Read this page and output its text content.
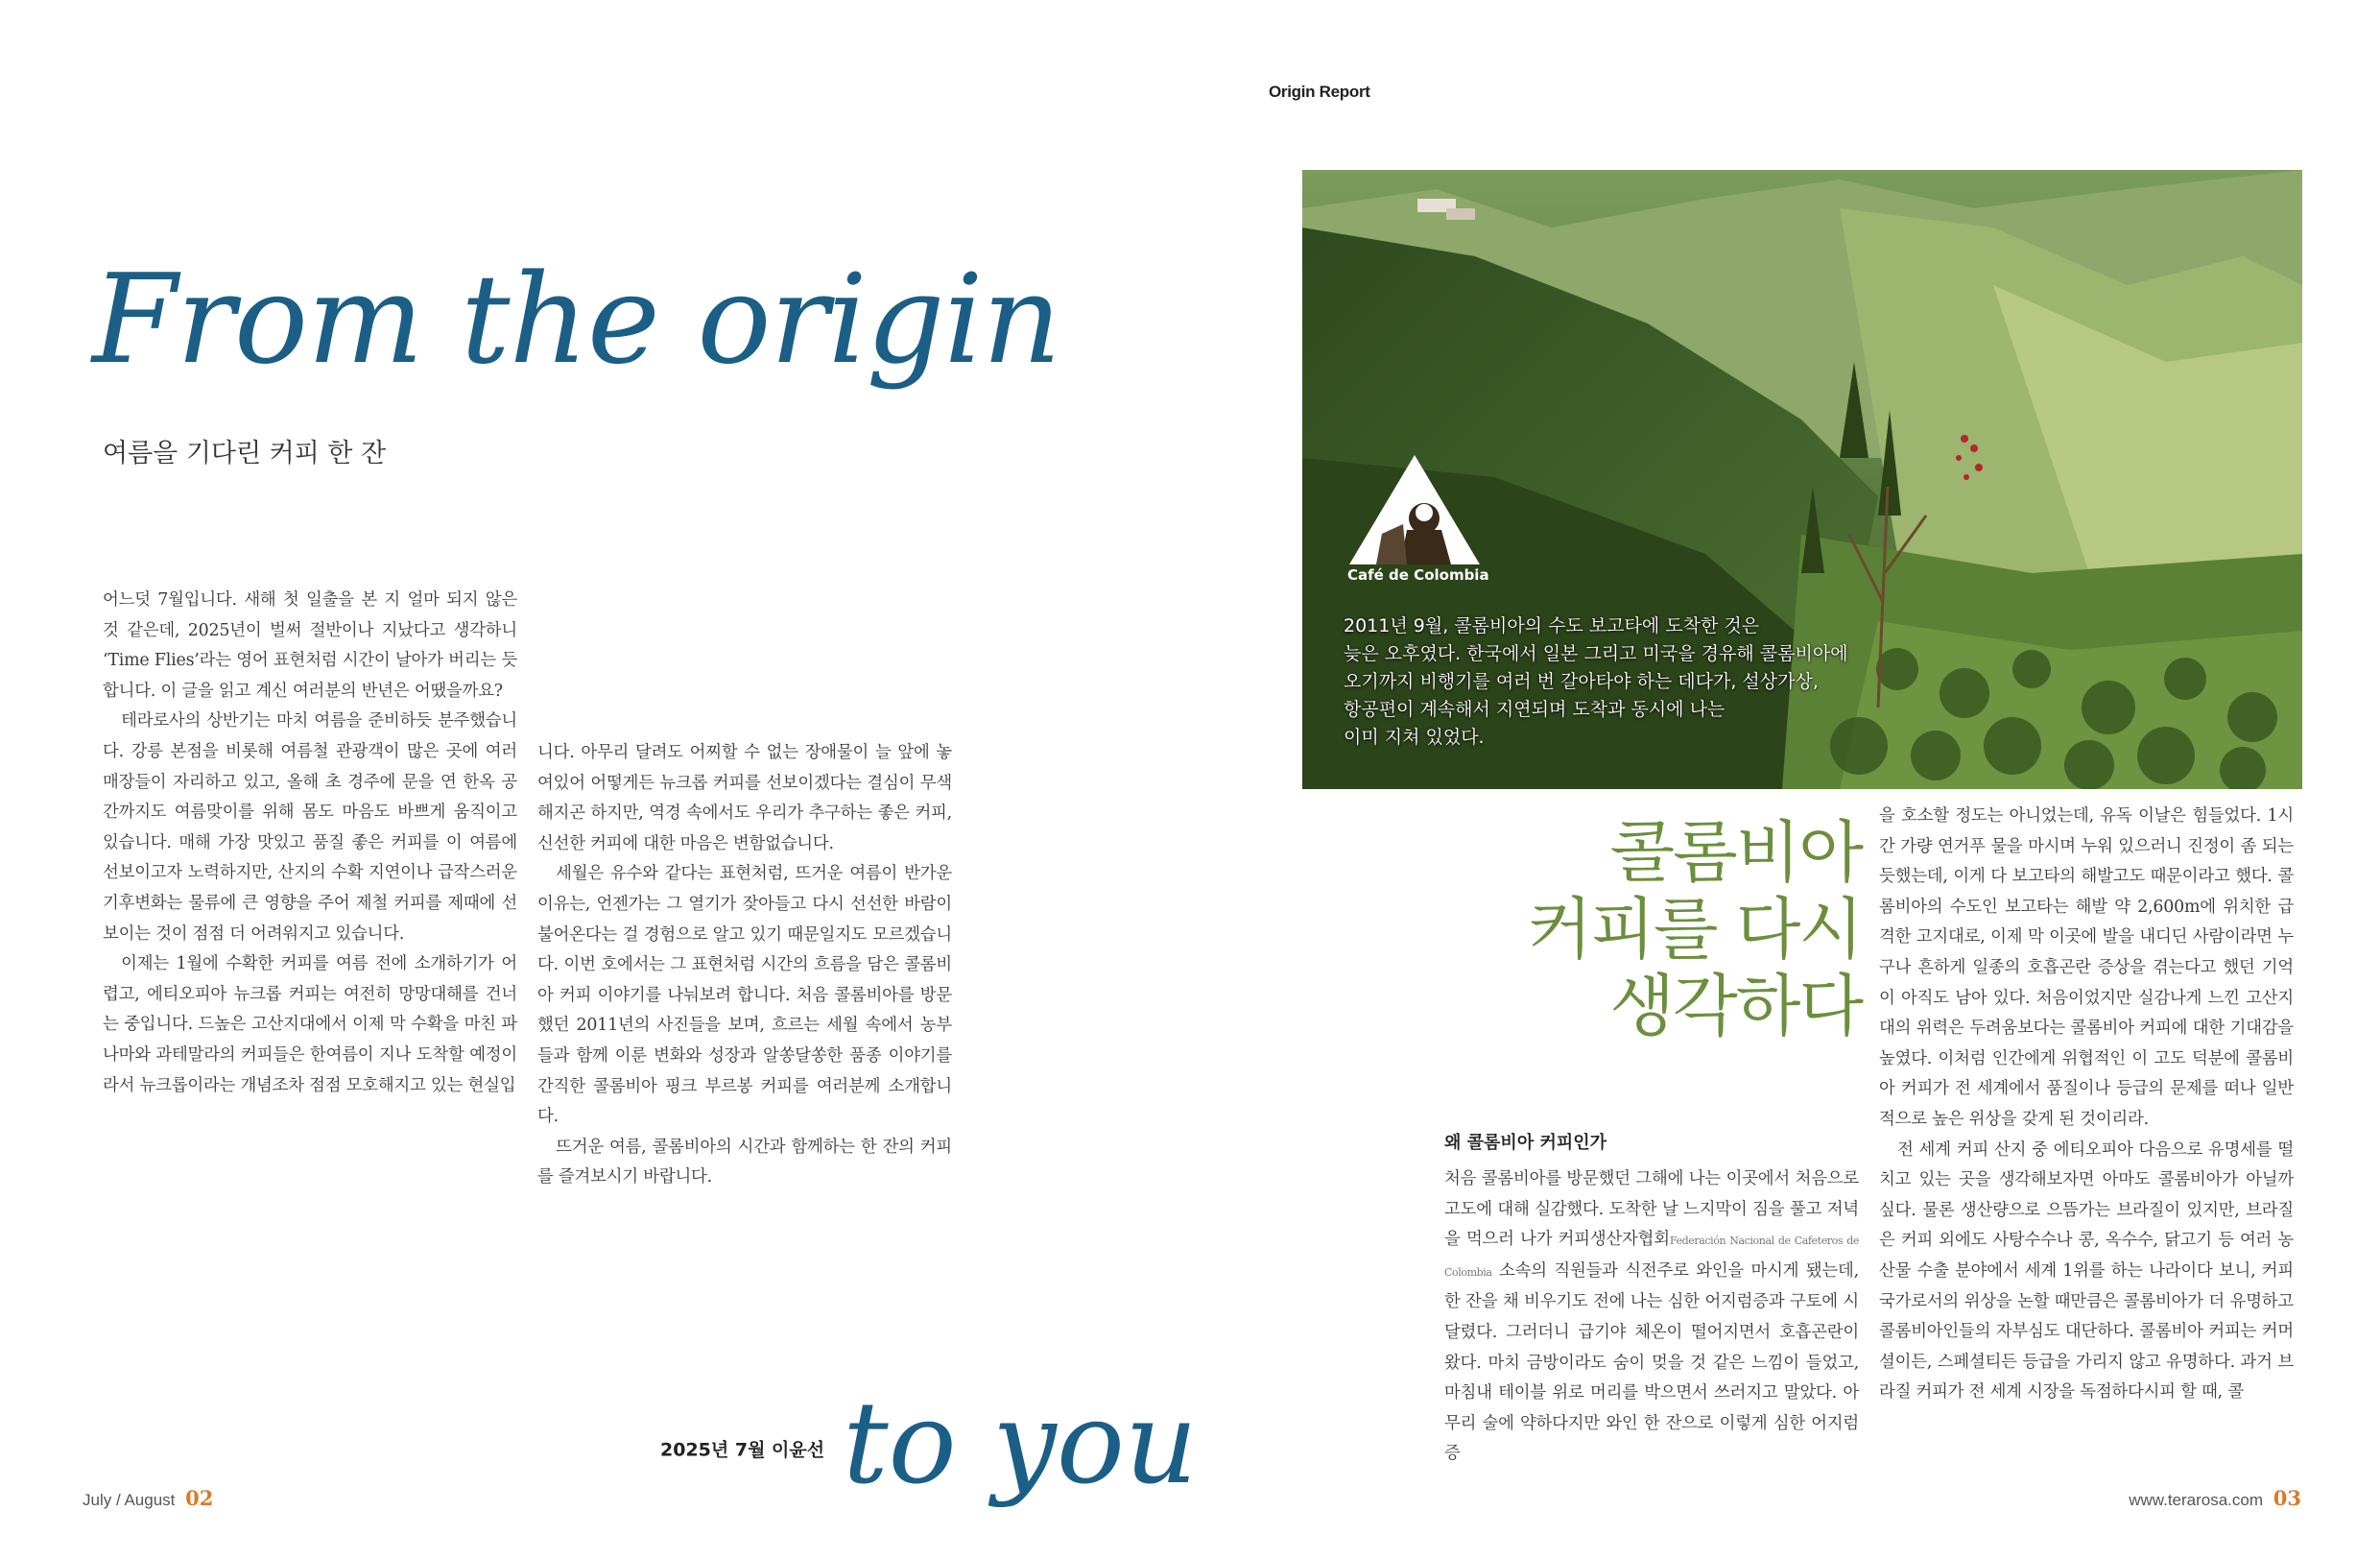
Origin Report
From the origin
여름을 기다린 커피 한 잔

어느덧 7월입니다. 새해 첫 일출을 본 지 얼마 되지 않은 것 같은데, 2025년이 벌써 절반이나 지났다고 생각하니 ‘Time Flies’라는 영어 표현처럼 시간이 날아가 버리는 듯합니다. 이 글을 읽고 계신 여러분의 반년은 어땠을까요?

테라로사의 상반기는 마치 여름을 준비하듯 분주했습니다. 강릉 본점을 비롯해 여름철 관광객이 많은 곳에 여러 매장들이 자리하고 있고, 올해 초 경주에 문을 연 한옥 공간까지도 여름맞이를 위해 몸도 마음도 바쁘게 움직이고 있습니다. 매해 가장 맛있고 품질 좋은 커피를 이 여름에 선보이고자 노력하지만, 산지의 수확 지연이나 급작스러운 기후변화는 물류에 큰 영향을 주어 제철 커피를 제때에 선보이는 것이 점점 더 어려워지고 있습니다.

이제는 1월에 수확한 커피를 여름 전에 소개하기가 어렵고, 에티오피아 뉴크롭 커피는 여전히 망망대해를 건너는 중입니다. 드높은 고산지대에서 이제 막 수확을 마친 파나마와 과테말라의 커피들은 한여름이 지나 도착할 예정이라서 뉴크롭이라는 개념조차 점점 모호해지고 있는 현실입

니다. 아무리 달려도 어찌할 수 없는 장애물이 늘 앞에 놓여있어 어떻게든 뉴크롭 커피를 선보이겠다는 결심이 무색해지곤 하지만, 역경 속에서도 우리가 추구하는 좋은 커피, 신선한 커피에 대한 마음은 변함없습니다.

세월은 유수와 같다는 표현처럼, 뜨거운 여름이 반가운 이유는, 언젠가는 그 열기가 잦아들고 다시 선선한 바람이 불어온다는 걸 경험으로 알고 있기 때문일지도 모르겠습니다. 이번 호에서는 그 표현처럼 시간의 흐름을 담은 콜롬비아 커피 이야기를 나눠보려 합니다. 처음 콜롬비아를 방문했던 2011년의 사진들을 보며, 흐르는 세월 속에서 농부들과 함께 이룬 변화와 성장과 알쏭달쏭한 품종 이야기를 간직한 콜롬비아 핑크 부르봉 커피를 여러분께 소개합니다.

뜨거운 여름, 콜롬비아의 시간과 함께하는 한 잔의 커피를 즐겨보시기 바랍니다.

2025년 7월 이윤선 to you
July / August 02
Café de Colombia
2011년 9월, 콜롬비아의 수도 보고타에 도착한 것은
늦은 오후였다. 한국에서 일본 그리고 미국을 경유해 콜롬비아에
오기까지 비행기를 여러 번 갈아타야 하는 데다가, 설상가상,
항공편이 계속해서 지연되며 도착과 동시에 나는
이미 지쳐 있었다.
콜롬비아
커피를 다시
생각하다
왜 콜롬비아 커피인가

처음 콜롬비아를 방문했던 그해에 나는 이곳에서 처음으로 고도에 대해 실감했다. 도착한 날 느지막이 짐을 풀고 저녁을 먹으러 나가 커피생산자협회Federación Nacional de Cafeteros de Colombia 소속의 직원들과 식전주로 와인을 마시게 됐는데, 한 잔을 채 비우기도 전에 나는 심한 어지럼증과 구토에 시달렸다. 그러더니 급기야 체온이 떨어지면서 호흡곤란이 왔다. 마치 금방이라도 숨이 멎을 것 같은 느낌이 들었고, 마침내 테이블 위로 머리를 박으면서 쓰러지고 말았다. 아무리 술에 약하다지만 와인 한 잔으로 이렇게 심한 어지럼증

을 호소할 정도는 아니었는데, 유독 이날은 힘들었다. 1시간 가량 연거푸 물을 마시며 누워 있으러니 진정이 좀 되는 듯했는데, 이게 다 보고타의 해발고도 때문이라고 했다. 콜롬비아의 수도인 보고타는 해발 약 2,600m에 위치한 급격한 고지대로, 이제 막 이곳에 발을 내디딘 사람이라면 누구나 흔하게 일종의 호흡곤란 증상을 겪는다고 했던 기억이 아직도 남아 있다. 처음이었지만 실감나게 느낀 고산지대의 위력은 두려움보다는 콜롬비아 커피에 대한 기대감을 높였다. 이처럼 인간에게 위협적인 이 고도 덕분에 콜롬비아 커피가 전 세계에서 품질이나 등급의 문제를 떠나 일반적으로 높은 위상을 갖게 된 것이리라.

전 세계 커피 산지 중 에티오피아 다음으로 유명세를 떨치고 있는 곳을 생각해보자면 아마도 콜롬비아가 아닐까 싶다. 물론 생산량으로 으뜸가는 브라질이 있지만, 브라질은 커피 외에도 사탕수수나 콩, 옥수수, 닭고기 등 여러 농산물 수출 분야에서 세계 1위를 하는 나라이다 보니, 커피 국가로서의 위상을 논할 때만큼은 콜롬비아가 더 유명하고 콜롬비아인들의 자부심도 대단하다. 콜롬비아 커피는 커머셜이든, 스페셜티든 등급을 가리지 않고 유명하다. 과거 브라질 커피가 전 세계 시장을 독점하다시피 할 때, 콜

www.terarosa.com 03
